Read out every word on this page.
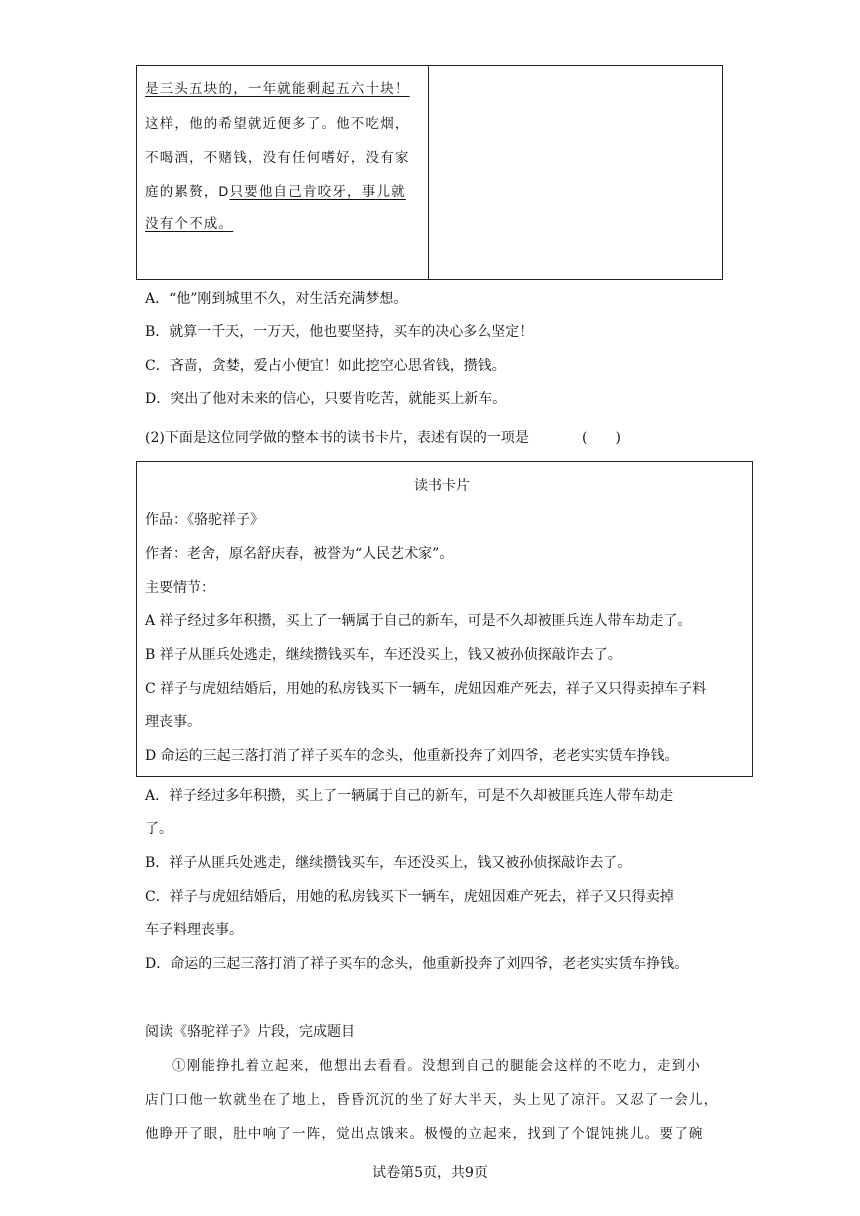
是三头五块的，一年就能剩起五六十块！
这样，他的希望就近便多了。他不吃烟，
不喝酒，不赌钱，没有任何嗜好，没有家
庭的累赘，D只要他自己肯咬牙，事儿就
没有个不成。
A．“他”刚到城里不久，对生活充满梦想。
B．就算一千天，一万天，他也要坚持，买车的决心多么坚定！
C．吝啬，贪婪，爱占小便宜！如此挖空心思省钱，攒钱。
D．突出了他对未来的信心，只要肯吃苦，就能买上新车。
(2)下面是这位同学做的整本书的读书卡片，表述有误的一项是	(　　)
读书卡片
作品：《骆驼祥子》
作者：老舍，原名舒庆春，被誉为“人民艺术家”。
主要情节：
A 祥子经过多年积攒，买上了一辆属于自己的新车，可是不久却被匪兵连人带车劫走了。
B 祥子从匪兵处逃走，继续攒钱买车，车还没买上，钱又被孙侦探敲诈去了。
C 祥子与虎妞结婚后，用她的私房钱买下一辆车，虎妞因难产死去，祥子又只得卖掉车子料
理丧事。
D 命运的三起三落打消了祥子买车的念头，他重新投奔了刘四爷，老老实实赁车挣钱。
A．祥子经过多年积攒，买上了一辆属于自己的新车，可是不久却被匪兵连人带车劫走
了。
B．祥子从匪兵处逃走，继续攒钱买车，车还没买上，钱又被孙侦探敲诈去了。
C．祥子与虎妞结婚后，用她的私房钱买下一辆车，虎妞因难产死去，祥子又只得卖掉
车子料理丧事。
D．命运的三起三落打消了祥子买车的念头，他重新投奔了刘四爷，老老实实赁车挣钱。
阅读《骆驼祥子》片段，完成题目
①刚能挣扎着立起来，他想出去看看。没想到自己的腿能会这样的不吃力，走到小
店门口他一软就坐在了地上，昏昏沉沉的坐了好大半天，头上见了凉汗。又忍了一会儿，
他睁开了眼，肚中响了一阵，觉出点饿来。极慢的立起来，找到了个馄饨挑儿。要了碗
试卷第5页，共9页
